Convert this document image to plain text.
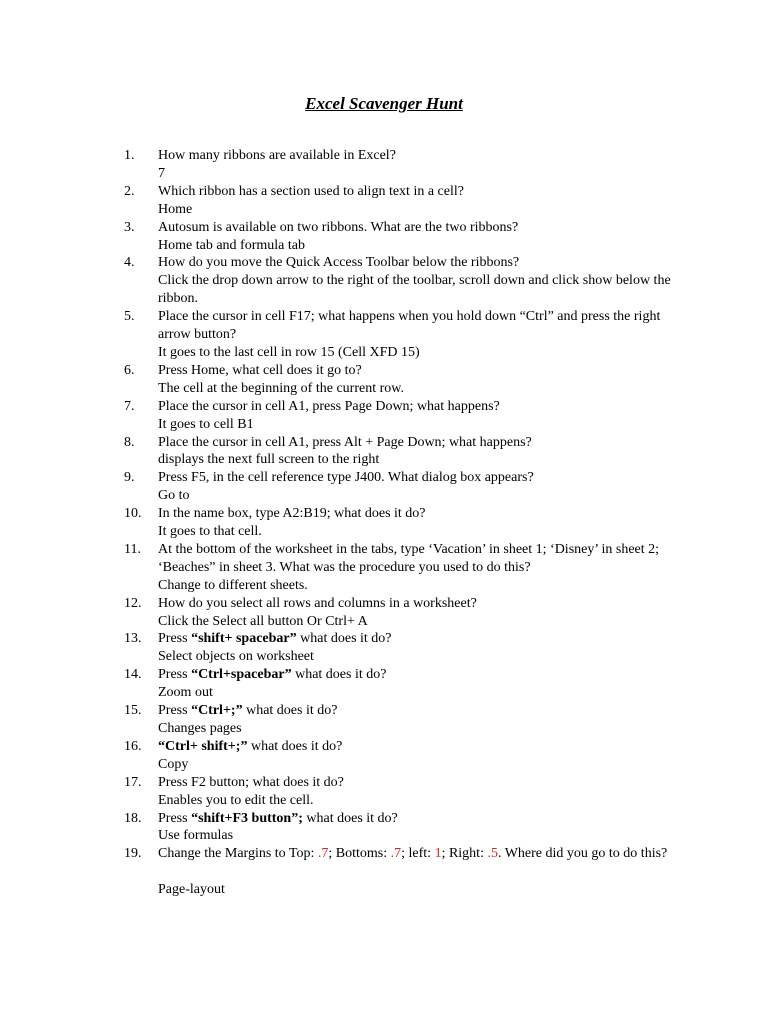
Excel Scavenger Hunt
1.	How many ribbons are available in Excel?
7
2.	Which ribbon has a section used to align text in a cell?
Home
3.	Autosum is available on two ribbons. What are the two ribbons?
Home tab and formula tab
4.	How do you move the Quick Access Toolbar below the ribbons?
Click the drop down arrow to the right of the toolbar, scroll down and click show below the ribbon.
5.	Place the cursor in cell F17; what happens when you hold down “Ctrl” and press the right arrow button?
It goes to the last cell in row 15 (Cell XFD 15)
6.	Press Home, what cell does it go to?
The cell at the beginning of the current row.
7.	Place the cursor in cell A1, press Page Down; what happens?
It goes to cell B1
8.	Place the cursor in cell A1, press Alt + Page Down; what happens?
displays the next full screen to the right
9.	Press F5, in the cell reference type J400. What dialog box appears?
Go to
10.	In the name box, type A2:B19; what does it do?
It goes to that cell.
11.	At the bottom of the worksheet in the tabs, type ‘Vacation’ in sheet 1; ‘Disney’ in sheet 2; ‘Beaches” in sheet 3. What was the procedure you used to do this?
Change to different sheets.
12.	How do you select all rows and columns in a worksheet?
Click the Select all button Or Ctrl+ A
13.	Press “shift+ spacebar” what does it do?
Select objects on worksheet
14.	Press “Ctrl+spacebar” what does it do?
Zoom out
15.	Press “Ctrl+;” what does it do?
Changes pages
16.	“Ctrl+ shift+;” what does it do?
Copy
17.	Press F2 button; what does it do?
Enables you to edit the cell.
18.	Press “shift+F3 button”; what does it do?
Use formulas
19.	Change the Margins to Top: .7; Bottoms: .7; left: 1; Right: .5. Where did you go to do this?
Page-layout
